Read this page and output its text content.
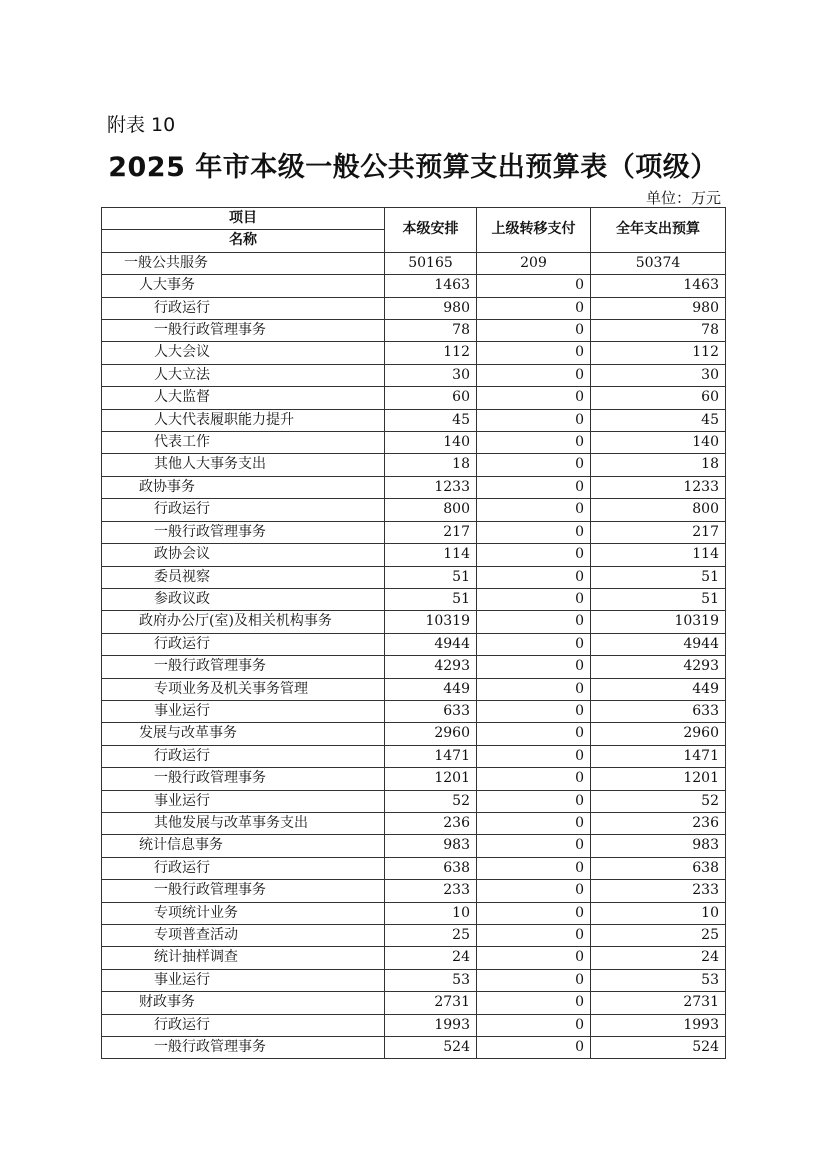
附表 10
2025 年市本级一般公共预算支出预算表（项级）
单位：万元
项目	本级安排	上级转移支付	全年支出预算
名称			
一般公共服务	50165	209	50374
人大事务	1463	0	1463
行政运行	980	0	980
一般行政管理事务	78	0	78
人大会议	112	0	112
人大立法	30	0	30
人大监督	60	0	60
人大代表履职能力提升	45	0	45
代表工作	140	0	140
其他人大事务支出	18	0	18
政协事务	1233	0	1233
行政运行	800	0	800
一般行政管理事务	217	0	217
政协会议	114	0	114
委员视察	51	0	51
参政议政	51	0	51
政府办公厅(室)及相关机构事务	10319	0	10319
行政运行	4944	0	4944
一般行政管理事务	4293	0	4293
专项业务及机关事务管理	449	0	449
事业运行	633	0	633
发展与改革事务	2960	0	2960
行政运行	1471	0	1471
一般行政管理事务	1201	0	1201
事业运行	52	0	52
其他发展与改革事务支出	236	0	236
统计信息事务	983	0	983
行政运行	638	0	638
一般行政管理事务	233	0	233
专项统计业务	10	0	10
专项普查活动	25	0	25
统计抽样调查	24	0	24
事业运行	53	0	53
财政事务	2731	0	2731
行政运行	1993	0	1993
一般行政管理事务	524	0	524
